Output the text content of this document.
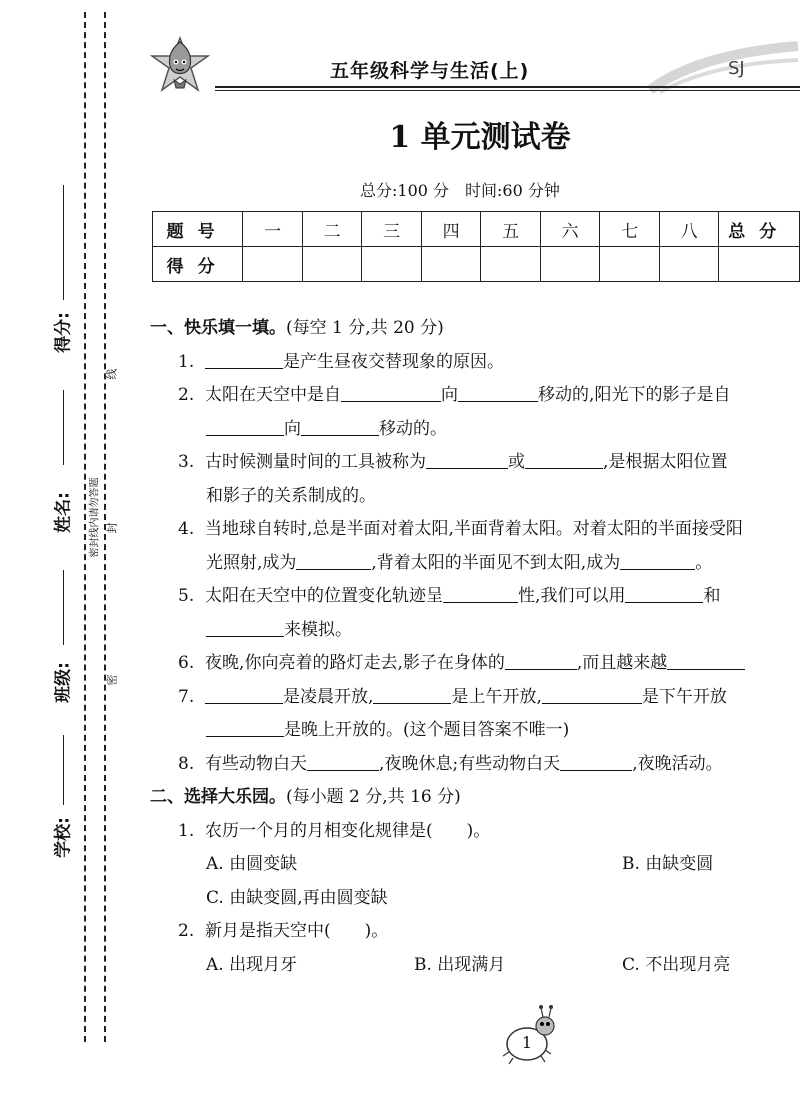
得分:
姓名:
班级:
学校:
密封线内请勿答题
线
封
密
五年级科学与生活(上)	SJ
1 单元测试卷
总分:100 分　时间:60 分钟
题号	一	二	三	四	五	六	七	八	总分
得分									
一、快乐填一填。(每空 1 分,共 20 分)
1.	是产生昼夜交替现象的原因。
2. 太阳在天空中是自	向	移动的,阳光下的影子是自
向	移动的。
3. 古时候测量时间的工具被称为	或	,是根据太阳位置
和影子的关系制成的。
4. 当地球自转时,总是半面对着太阳,半面背着太阳。对着太阳的半面接受阳
光照射,成为	,背着太阳的半面见不到太阳,成为	。
5. 太阳在天空中的位置变化轨迹呈	性,我们可以用	和
来模拟。
6. 夜晚,你向亮着的路灯走去,影子在身体的	,而且越来越
7.	是凌晨开放,	是上午开放,	是下午开放
是晚上开放的。(这个题目答案不唯一)
8. 有些动物白天	,夜晚休息;有些动物白天	,夜晚活动。
二、选择大乐园。(每小题 2 分,共 16 分)
1. 农历一个月的月相变化规律是(　　)。
A. 由圆变缺	B. 由缺变圆
C. 由缺变圆,再由圆变缺
2. 新月是指天空中(　　)。
A. 出现月牙	B. 出现满月	C. 不出现月亮
1
